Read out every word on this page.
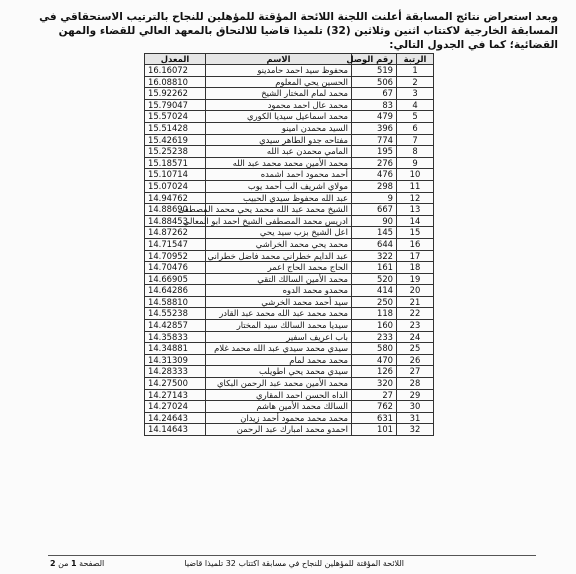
وبعد استعراض نتائج المسابقة أعلنت اللجنة اللائحة المؤقتة للمؤهلين للنجاح بالترتيب الاستحقاقي في المسابقة الخارجية لاكتتاب اثنين وثلاثين (32) تلميذا قاضيا للالتحاق بالمعهد العالي للقضاء والمهن القضائية؛ كما في الجدول التالي:
الرتبة	رقم الوصل	الاسم	المعدل
1	519	محفوظ سيد احمد حامدينو	16.16072
2	506	الحسين يحي المعلوم	16.08810
3	67	محمد لمام المختار الشيخ	15.92262
4	83	محمد عال احمد محمود	15.79047
5	479	محمد اسماعيل سيديا الكوري	15.57024
6	396	السيد محمدن امينو	15.51428
7	774	مفتاحه جدو الطاهر سيدي	15.42619
8	195	المامي محمدن عبد الله	15.25238
9	276	محمد الأمين محمد محمد عبد الله	15.18571
10	476	أحمد محمود احمد اشمده	15.10714
11	298	مولاي اشريف الب أحمد يوب	15.07024
12	9	عبد الله محفوظ سيدي الحبيب	14.94762
13	667	الشيخ محمد عبد الله محمد يحي محمد المصطفى	14.88690
14	90	ادريس محمد المصطفى الشيخ احمد ابو المعالي	14.88453
15	145	اعل الشيخ بزب سيد يحي	14.87262
16	644	محمد يحي محمد الخراشي	14.71547
17	322	عبد الدايم خطراني محمد فاضل خطراني	14.70952
18	161	الحاج محمد الحاج اعمر	14.70476
19	520	محمد الأمين السالك التقي	14.66905
20	414	محمدو محمد الدوه	14.64286
21	250	سيد أحمد محمد الخرشي	14.58810
22	118	محمد محمد عبد الله محمد عبد القادر	14.55238
23	160	سيديا محمد السالك سيد المختار	14.42857
24	233	باب اعريف اسفير	14.35833
25	580	سيدي محمد سيدي عبد الله محمد غلام	14.34881
26	470	محمد محمد لمام	14.31309
27	126	سيدي محمد يحي اطويلب	14.28333
28	320	محمد الأمين محمد عبد الرحمن البكاي	14.27500
29	27	الداه الحسن احمد المقاري	14.27143
30	762	السالك محمد الأمين هاشم	14.27024
31	631	محمد محمد محمود أحمد زيدان	14.24643
32	101	احمدو محمد امبارك عبد الرحمن	14.14643
اللائحة المؤقتة للمؤهلين للنجاح في مسابقة اكتتاب 32 تلميذا قاضيا
الصفحة 1 من 2
